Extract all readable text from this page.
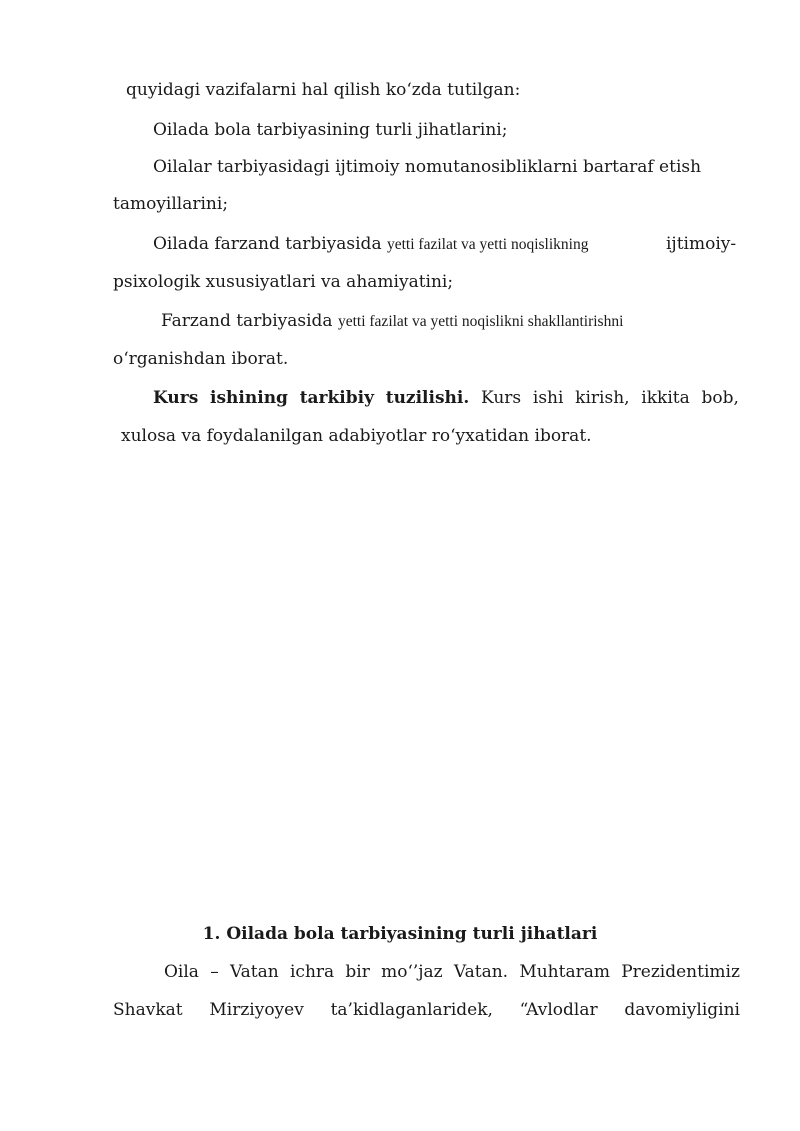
quyidagi vazifalarni hal qilish ko‘zda tutilgan:
Oilada bola tarbiyasining turli jihatlarini;
Oilalar tarbiyasidagi ijtimoiy nomutanosibliklarni bartaraf etish
tamoyillarini;
Oilada farzand tarbiyasida yetti fazilat va yetti noqislikning	ijtimoiy-
psixologik xususiyatlari va ahamiyatini;
Farzand tarbiyasida yetti fazilat va yetti noqislikni shakllantirishni
o‘rganishdan iborat.
Kurs ishining tarkibiy tuzilishi. Kurs ishi kirish, ikkita bob,
xulosa va foydalanilgan adabiyotlar ro‘yxatidan iborat.
1. Oilada bola tarbiyasining turli jihatlari
Oila – Vatan ichra bir mo‘’jaz Vatan. Muhtaram Prezidentimiz
Shavkat Mirziyoyev ta’kidlaganlaridek, “Avlodlar davomiyligini
